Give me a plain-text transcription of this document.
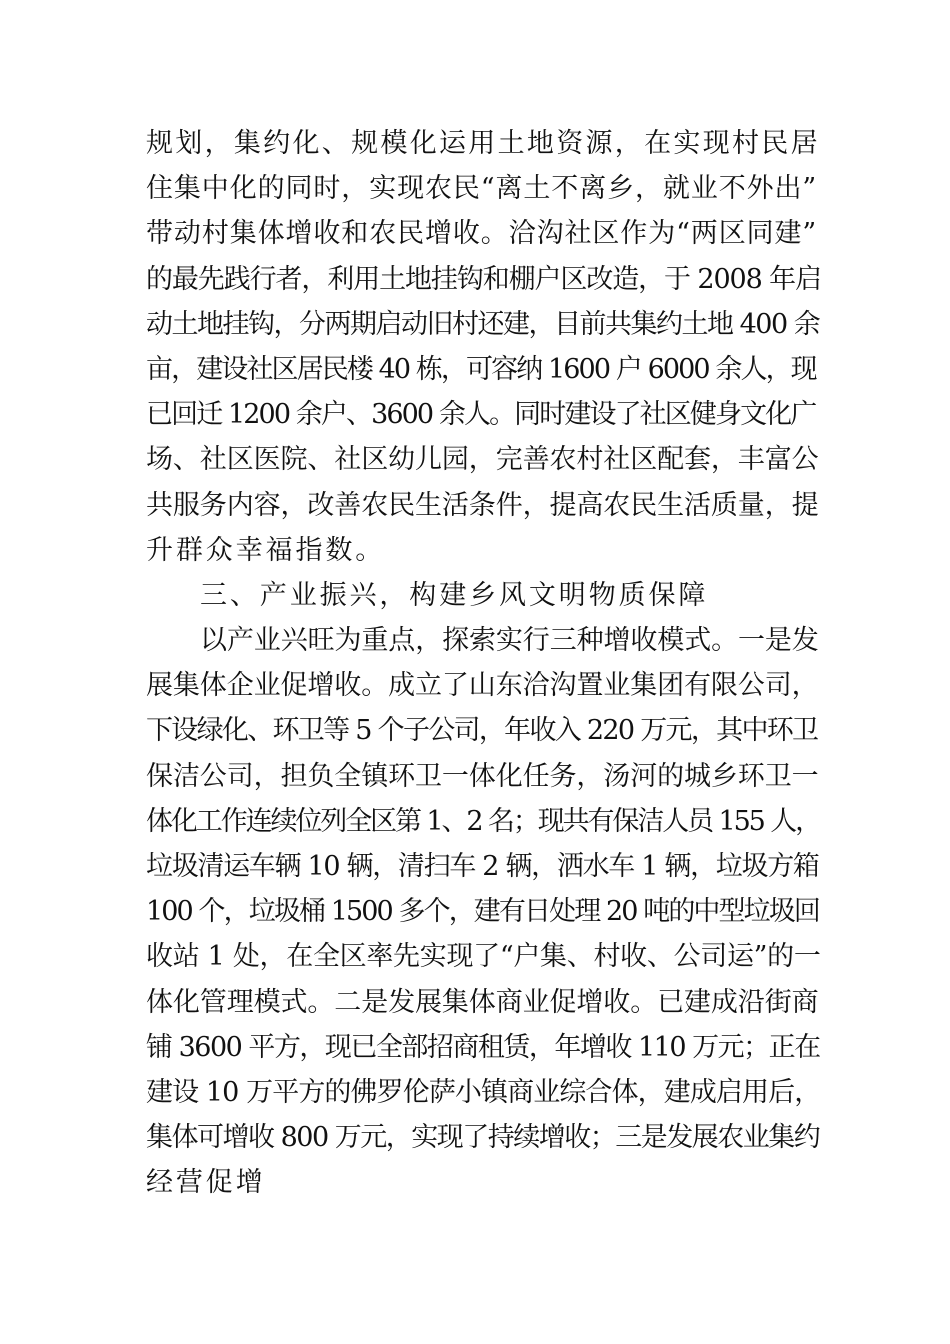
规划，集约化、规模化运用土地资源，在实现村民居
住集中化的同时，实现农民“离土不离乡，就业不外出”
带动村集体增收和农民增收。洽沟社区作为“两区同建”
的最先践行者，利用土地挂钩和棚户区改造，于 2008 年启
动土地挂钩，分两期启动旧村还建，目前共集约土地 400 余
亩，建设社区居民楼 40 栋，可容纳 1600 户 6000 余人，现
已回迁 1200 余户、3600 余人。同时建设了社区健身文化广
场、社区医院、社区幼儿园，完善农村社区配套，丰富公
共服务内容，改善农民生活条件，提高农民生活质量，提
升群众幸福指数。
三、产业振兴，构建乡风文明物质保障
以产业兴旺为重点，探索实行三种增收模式。一是发
展集体企业促增收。成立了山东洽沟置业集团有限公司，
下设绿化、环卫等 5 个子公司，年收入 220 万元，其中环卫
保洁公司，担负全镇环卫一体化任务，汤河的城乡环卫一
体化工作连续位列全区第 1、2 名；现共有保洁人员 155 人，
垃圾清运车辆 10 辆，清扫车 2 辆，洒水车 1 辆，垃圾方箱
100 个，垃圾桶 1500 多个，建有日处理 20 吨的中型垃圾回
收站 1 处，在全区率先实现了“户集、村收、公司运”的一
体化管理模式。二是发展集体商业促增收。已建成沿街商
铺 3600 平方，现已全部招商租赁，年增收 110 万元；正在
建设 10 万平方的佛罗伦萨小镇商业综合体，建成启用后，
集体可增收 800 万元，实现了持续增收；三是发展农业集约
经营促增
